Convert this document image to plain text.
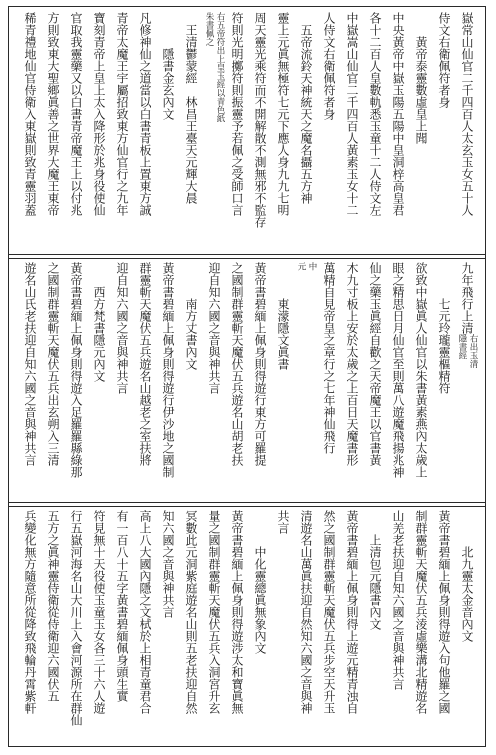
嶽常山仙官二千四百人太玄玉女五十人
侍文右衛佩符者身
黃帝泰靈數虛皇上聞
中央黃帝中嶽玉陽五陽中皇洞梓高皇君
各十二百人皇數軌悉玉童十二人侍文左
中嶽嵩山仙官二千四百人黃素玉女十二
人侍文右衛佩符者身
五帝流鈴天神統天之魔名攝五方神
靈上元眞無極符七元下應人身九九七明
周天靈光乘符而不開解散不測無邪不監存
符則光明擲符則振靈予若佩之受師口言
右五帝符出上皇玉經以青色紙
朱書佩之
王清鬱蒙經　林昌王臺天元輝大晨
隱書金玄內文
凡修神仙之道當以白書青板上置東方誠
青帝太魔王宇屬招致東方仙官行之九年
寶刻青帝上皇上太入降形於兆身役使仙
官取我靈藥又以白書青帝魔王上以付兆
方則致東大聖鄉眞善之世界大魔王東帝
稀青禮地仙官侍衛入東嶽則致青靈羽蓋
九年飛行上清
右出玉清
隱書經
七元玲瓏靈樞精符
欲致中嶽眞人仙官以朱書黃素燕內太歲上
眼之精思日月仙官至則萬八遊魔飛揚兆神
仙之藥玉眞經自歡之天帝魔王以官書黃
木九寸板上安於太歲之上百日天魔書形
萬精自見帝皇之章行之七年神仙飛行
中
元
東濛隱文眞書
黃帝書碧緬上佩身則得遊行東方可羅提
之國制群靈斬天魔伏五兵遊名山胡老扶
迎自知六國之音與神共言
南方丈書內文
黃帝書碧緬上佩身則得遊行伊沙地之國制
群靈斬天魔伏五兵遊名山越老之室扶將
迎自知六國之音與神共言
西方梵書隱元內文
黃帝書碧緬上佩身則得遊入足羅羅縣綠那
之國制群靈斬天魔伏五兵出玄朔入三清
遊名山氏老扶迎自知六國之音與神共言
北九靈太金音內文
黃帝書碧緬上佩身則得遊入句他羅之國
制群靈斬天魔伏五兵淩虛樂溝北精遊名
山羌老扶迎自知六國之音與神共言
上清包元隱書內文
黃帝書碧緬上佩身則得上遊元精青浊自
然之國制群靈斬天魔伏五兵步空天升玉
清遊名山萬眞扶迎自然知六國之音與神
共言
中化靈總眞無象內文
黃帝書碧緬上佩身則得遊涉太和寶眞無
量之國制群靈斬天魔伏五兵入洞宮升玄
冥數此元洞紫庭遊名山則五老扶迎自然
知六國之音與神共言
高上八大國內隱之文栻於上相青童君合
有一百八十五字黃書碧緬佩身頭生實
符見無十天役使玉童玉女各三十六人遊
行五嶽河海名山大川上入會河源所在群仙
五方之眞神靈侍衛從侍衛迎六國伏五
兵變化無方隨意所從降致飛輪丹霄紫軒
